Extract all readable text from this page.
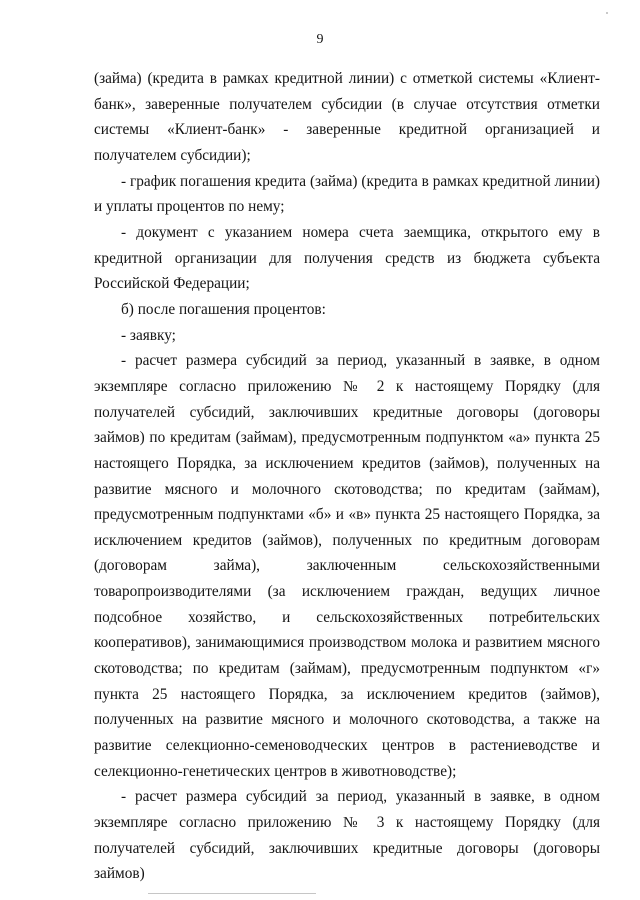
9

(займа) (кредита в рамках кредитной линии) с отметкой системы «Клиент-банк», заверенные получателем субсидии (в случае отсутствия отметки системы «Клиент-банк» - заверенные кредитной организацией и получателем субсидии);

- график погашения кредита (займа) (кредита в рамках кредитной линии) и уплаты процентов по нему;

- документ с указанием номера счета заемщика, открытого ему в кредитной организации для получения средств из бюджета субъекта Российской Федерации;

б) после погашения процентов:

- заявку;

- расчет размера субсидий за период, указанный в заявке, в одном экземпляре согласно приложению № 2 к настоящему Порядку (для получателей субсидий, заключивших кредитные договоры (договоры займов) по кредитам (займам), предусмотренным подпунктом «а» пункта 25 настоящего Порядка, за исключением кредитов (займов), полученных на развитие мясного и молочного скотоводства; по кредитам (займам), предусмотренным подпунктами «б» и «в» пункта 25 настоящего Порядка, за исключением кредитов (займов), полученных по кредитным договорам (договорам займа), заключенным сельскохозяйственными товаропроизводителями (за исключением граждан, ведущих личное подсобное хозяйство, и сельскохозяйственных потребительских кооперативов), занимающимися производством молока и развитием мясного скотоводства; по кредитам (займам), предусмотренным подпунктом «г» пункта 25 настоящего Порядка, за исключением кредитов (займов), полученных на развитие мясного и молочного скотоводства, а также на развитие селекционно-семеноводческих центров в растениеводстве и селекционно-генетических центров в животноводстве);

- расчет размера субсидий за период, указанный в заявке, в одном экземпляре согласно приложению № 3 к настоящему Порядку (для получателей субсидий, заключивших кредитные договоры (договоры займов)
